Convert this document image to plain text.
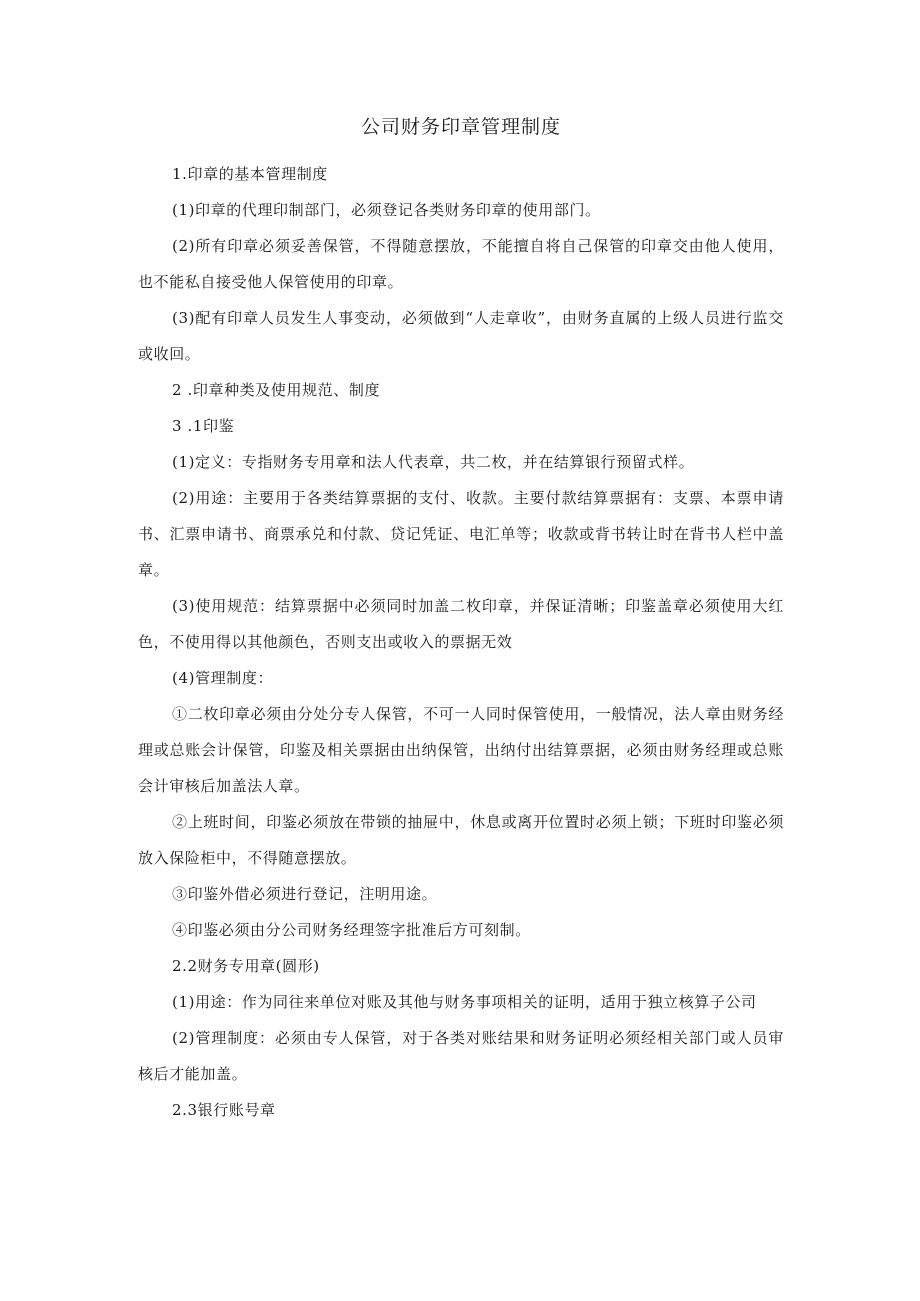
公司财务印章管理制度

1.印章的基本管理制度

(1)印章的代理印制部门，必须登记各类财务印章的使用部门。

(2)所有印章必须妥善保管，不得随意摆放，不能擅自将自己保管的印章交由他人使用，也不能私自接受他人保管使用的印章。

(3)配有印章人员发生人事变动，必须做到“人走章收”，由财务直属的上级人员进行监交或收回。

2 .印章种类及使用规范、制度

3 .1印鉴

(1)定义：专指财务专用章和法人代表章，共二枚，并在结算银行预留式样。

(2)用途：主要用于各类结算票据的支付、收款。主要付款结算票据有：支票、本票申请书、汇票申请书、商票承兑和付款、贷记凭证、电汇单等；收款或背书转让时在背书人栏中盖章。

(3)使用规范：结算票据中必须同时加盖二枚印章，并保证清晰；印鉴盖章必须使用大红色，不使用得以其他颜色，否则支出或收入的票据无效

(4)管理制度：

①二枚印章必须由分处分专人保管，不可一人同时保管使用，一般情况，法人章由财务经理或总账会计保管，印鉴及相关票据由出纳保管，出纳付出结算票据，必须由财务经理或总账会计审核后加盖法人章。

②上班时间，印鉴必须放在带锁的抽屉中，休息或离开位置时必须上锁；下班时印鉴必须放入保险柜中，不得随意摆放。

③印鉴外借必须进行登记，注明用途。

④印鉴必须由分公司财务经理签字批准后方可刻制。

2.2财务专用章(圆形)

(1)用途：作为同往来单位对账及其他与财务事项相关的证明，适用于独立核算子公司

(2)管理制度：必须由专人保管，对于各类对账结果和财务证明必须经相关部门或人员审核后才能加盖。

2.3银行账号章
